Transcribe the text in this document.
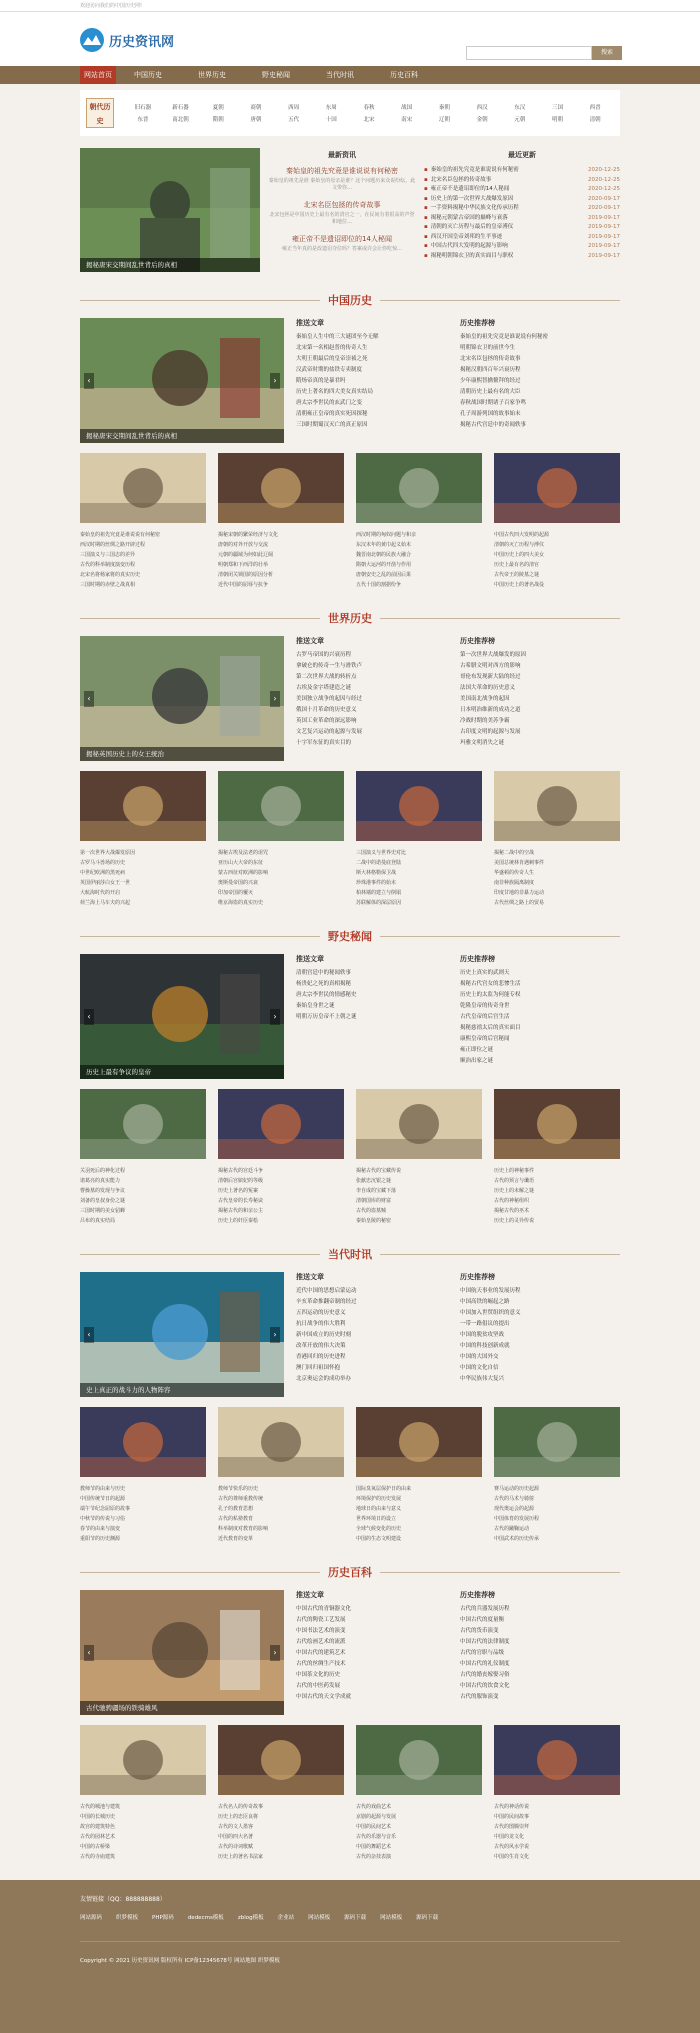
欢迎访问我们的中国历史网!
历史资讯网
搜索
网站首页	中国历史	世界历史	野史秘闻	当代时讯	历史百科
朝代历史
旧石器	新石器	夏朝	商朝	西周	东周	春秋	战国	秦朝	西汉	东汉	三国	西晋
东晋	南北朝	隋朝	唐朝	五代	十国	北宋	南宋	辽朝	金朝	元朝	明朝	清朝
揭秘唐宋交期间乱世背后的真相
最新资讯
秦始皇的祖先究竟是谁说说有何秘密
秦始皇的祖先是谁 秦始皇的母亲是谁？这个问题历来众说纷纭，此文带你…
北宋名臣包拯的传奇故事
北宋包拯是中国历史上最有名的清官之一，在民间有着很高的声誉和地位…
雍正帝不是遗诏即位的14人秘闻
雍正当年真的是改遗诏夺位吗？答案或许会让你吃惊…
最近更新
▪ 秦始皇的祖先究竟是谁说说有何秘密	2020-12-25
▪ 北宋名臣包拯的传奇故事	2020-12-25
▪ 雍正帝不是遗诏即位的14人秘闻	2020-12-25
▪ 历史上的第一次世界大战爆发原因	2020-09-17
▪ 一手资料揭秘中华民族文化传承历程	2020-09-17
▪ 揭秘元朝蒙古帝国的巅峰与衰落	2019-09-17
▪ 清朝的灭亡历程与最后的皇帝溥仪	2019-09-17
▪ 西汉开国皇帝刘邦的生平事迹	2019-09-17
▪ 中国古代四大发明的起源与影响	2019-09-17
▪ 揭秘明朝锦衣卫的真实面目与职权	2019-09-17
中国历史
揭秘唐宋交期间乱世背后的真相
‹	›
推送文章
秦始皇人生中的三大谜团至今无解
北宋第一名相赵普的传奇人生
大明王朝最后的皇帝崇祯之死
汉武帝时期的盐铁专卖制度
隋炀帝真的是暴君吗
历史上著名的四大美女真实结局
唐太宗李世民的玄武门之变
清朝雍正皇帝的真实死因探秘
三国时期蜀汉灭亡的真正原因
历史推荐榜
秦始皇的祖先究竟是谁说说有何秘密
明朝锦衣卫的前世今生
北宋名臣包拯的传奇故事
揭秘汉朝四百年兴衰历程
少年康熙智擒鳌拜的经过
清朝历史上最有名的大臣
春秋战国时期诸子百家争鸣
孔子周游列国的故事始末
揭秘古代宫廷中的奇闻轶事
秦始皇的祖先究竟是谁说说有何秘密
西汉时期的丝绸之路开辟过程
三国演义与三国志的差异
古代的科举制度演变历程
北宋名将杨家将的真实历史
三国时期的赤壁之战真相
揭秘宋朝的繁荣经济与文化
唐朝的对外开放与交流
元朝的疆域为何如此辽阔
明朝郑和下西洋的壮举
清朝闭关锁国的原因分析
近代中国的屈辱与抗争
西汉时期的匈奴问题与和亲
东汉末年的黄巾起义始末
魏晋南北朝的民族大融合
隋朝大运河的开凿与作用
唐朝安史之乱的前因后果
五代十国的割据纷争
中国古代四大发明的起源
清朝的灭亡历程与溥仪
中国历史上的四大美女
历史上最有名的清官
古代帝王的陵墓之谜
中国历史上的著名战役
世界历史
揭秘英国历史上的女王统治
‹	›
推送文章
古罗马帝国的兴衰历程
拿破仑的传奇一生与滑铁卢
第二次世界大战的转折点
古埃及金字塔建造之谜
美国独立战争的起因与经过
俄国十月革命的历史意义
英国工业革命的深远影响
文艺复兴运动的起源与发展
十字军东征的真实目的
历史推荐榜
第一次世界大战爆发的原因
古希腊文明对西方的影响
哥伦布发现新大陆的经过
法国大革命的历史意义
美国南北战争的起因
日本明治维新的成功之道
冷战时期的美苏争霸
古印度文明的起源与发展
玛雅文明消失之谜
第一次世界大战爆发原因
古罗马斗兽场的历史
中世纪欧洲的黑死病
英国伊丽莎白女王一世
大航海时代的开启
荷兰海上马车夫的兴起
揭秘古埃及法老的诅咒
亚历山大大帝的东征
蒙古西征对欧洲的影响
奥斯曼帝国的兴衰
印加帝国的覆灭
维京海盗的真实历史
三国演义与世界史对比
二战中的诺曼底登陆
斯大林格勒保卫战
珍珠港事件的始末
柏林墙的建立与倒塌
苏联解体的深层原因
揭秘二战中的空战
美国总统林肯遇刺事件
华盛顿的传奇人生
南非种族隔离制度
印度甘地的非暴力运动
古代丝绸之路上的贸易
野史秘闻
历史上最有争议的皇帝
‹	›
推送文章
清朝宫廷中的秘闻轶事
杨贵妃之死的真相揭秘
唐太宗李世民的情感秘史
秦始皇身世之谜
明朝万历皇帝不上朝之谜
历史推荐榜
历史上真实的武则天
揭秘古代宫女的悲惨生活
历史上的太监为何能专权
乾隆皇帝的传奇身世
古代皇帝的后宫生活
揭秘慈禧太后的真实面目
康熙皇帝的后宫秘闻
雍正即位之谜
顺治出家之谜
关羽死后的神化过程
诸葛亮的真实能力
曹操墓的发现与争议
刘备的皇叔身份之谜
三国时期的美女貂蝉
吕布的真实结局
揭秘古代的宫廷斗争
清朝后宫嫔妃的等级
历史上著名的冤案
古代皇帝的长寿秘诀
揭秘古代的和亲公主
历史上的奸臣秦桧
揭秘古代的宝藏传说
张献忠沉银之谜
李自成的宝藏下落
清朝国库的财富
古代的盗墓贼
秦始皇陵的秘密
历史上的神秘事件
古代的预言与谶语
历史上的未解之谜
古代的神秘组织
揭秘古代的巫术
历史上的灵异传说
当代时讯
史上真正的战斗力的人物阵容
‹	›
推送文章
近代中国的思想启蒙运动
辛亥革命推翻帝制的经过
五四运动的历史意义
抗日战争的伟大胜利
新中国成立的历史时刻
改革开放的伟大决策
香港回归的历史进程
澳门回归祖国怀抱
北京奥运会的成功举办
历史推荐榜
中国航天事业的发展历程
中国高铁的崛起之路
中国加入世贸组织的意义
一带一路倡议的提出
中国的脱贫攻坚战
中国的科技创新成就
中国的大国外交
中国的文化自信
中华民族伟大复兴
教师节的由来与历史
中国传统节日的起源
端午节纪念屈原的故事
中秋节的传说与习俗
春节的由来与演变
重阳节的历史渊源
教师节快乐的历史
古代的尊师重教传统
孔子的教育思想
古代的私塾教育
科举制度对教育的影响
近代教育的变革
国际臭氧层保护日的由来
环境保护的历史发展
地球日的由来与意义
世界环境日的设立
全球气候变化的历史
中国的生态文明建设
赛马运动的历史起源
古代的马术与骑射
现代奥运会的起源
中国体育的发展历程
古代的蹴鞠运动
中国武术的历史传承
历史百科
古代驰骋疆场的铁骑雄风
‹	›
推送文章
中国古代的青铜器文化
古代的陶瓷工艺发展
中国书法艺术的演变
古代绘画艺术的流派
中国古代的建筑艺术
古代的丝绸生产技术
中国茶文化的历史
古代的中医药发展
中国古代的天文学成就
历史推荐榜
古代的兵器发展历程
中国古代的度量衡
古代的货币演变
中国古代的法律制度
古代的官职与品级
中国古代的礼仪制度
古代的婚丧嫁娶习俗
中国古代的饮食文化
古代的服饰演变
古代的城池与建筑
中国的长城历史
故宫的建筑特色
古代的园林艺术
中国的古桥梁
古代的寺庙建筑
古代名人的传奇故事
历史上的忠臣良将
古代的文人墨客
中国的四大名著
古代的诗词歌赋
历史上的著名书法家
古代的戏曲艺术
京剧的起源与发展
中国的民间艺术
古代的乐器与音乐
中国的舞蹈艺术
古代的杂技表演
古代的神话传说
中国的民间故事
古代的图腾崇拜
中国的龙文化
古代的风水学说
中国的生肖文化
友情链接（QQ：888888888）
网站源码	织梦模板	PHP源码	dedecms模板	zblog模板	企业站	网站模板	源码下载	网站模板	源码下载
Copyright © 2021 历史资讯网 版权所有 ICP备12345678号 网站地图 织梦模板
